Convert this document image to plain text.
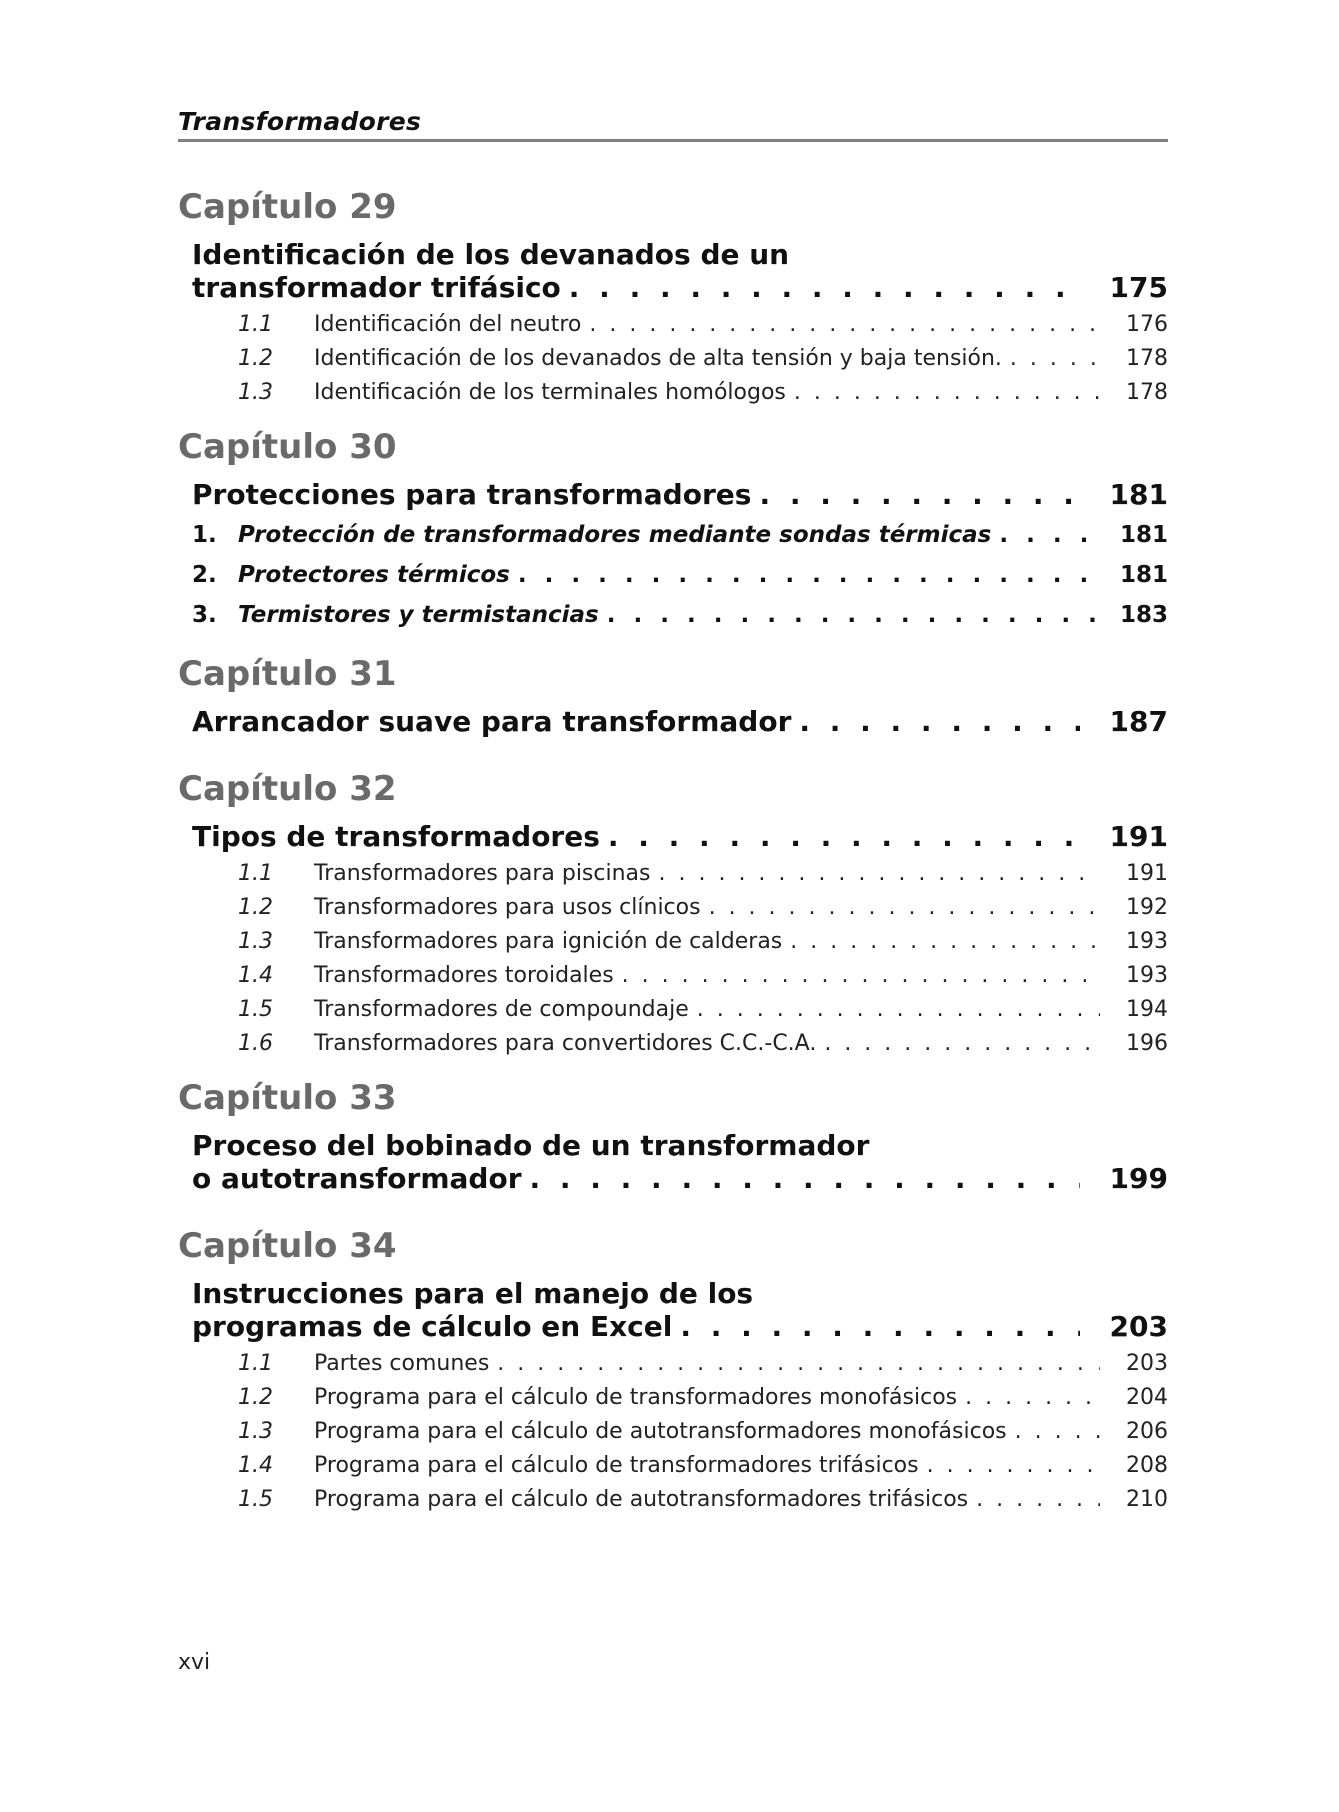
Transformadores
Capítulo 29
Identificación de los devanados de un
transformador trifásico . . .	175
1.1	Identificación del neutro . . .	176
1.2	Identificación de los devanados de alta tensión y baja tensión. . . .	178
1.3	Identificación de los terminales homólogos . . .	178
Capítulo 30
Protecciones para transformadores . . .	181
1. Protección de transformadores mediante sondas térmicas . . .	181
2. Protectores térmicos . . .	181
3. Termistores y termistancias . . .	183
Capítulo 31
Arrancador suave para transformador . . .	187
Capítulo 32
Tipos de transformadores . . .	191
1.1	Transformadores para piscinas . . .	191
1.2	Transformadores para usos clínicos . . .	192
1.3	Transformadores para ignición de calderas . . .	193
1.4	Transformadores toroidales . . .	193
1.5	Transformadores de compoundaje . . .	194
1.6	Transformadores para convertidores C.C.-C.A. . . .	196
Capítulo 33
Proceso del bobinado de un transformador
o autotransformador . . .	199
Capítulo 34
Instrucciones para el manejo de los
programas de cálculo en Excel . . .	203
1.1	Partes comunes . . .	203
1.2	Programa para el cálculo de transformadores monofásicos . . .	204
1.3	Programa para el cálculo de autotransformadores monofásicos . . .	206
1.4	Programa para el cálculo de transformadores trifásicos . . .	208
1.5	Programa para el cálculo de autotransformadores trifásicos . . .	210
xvi
